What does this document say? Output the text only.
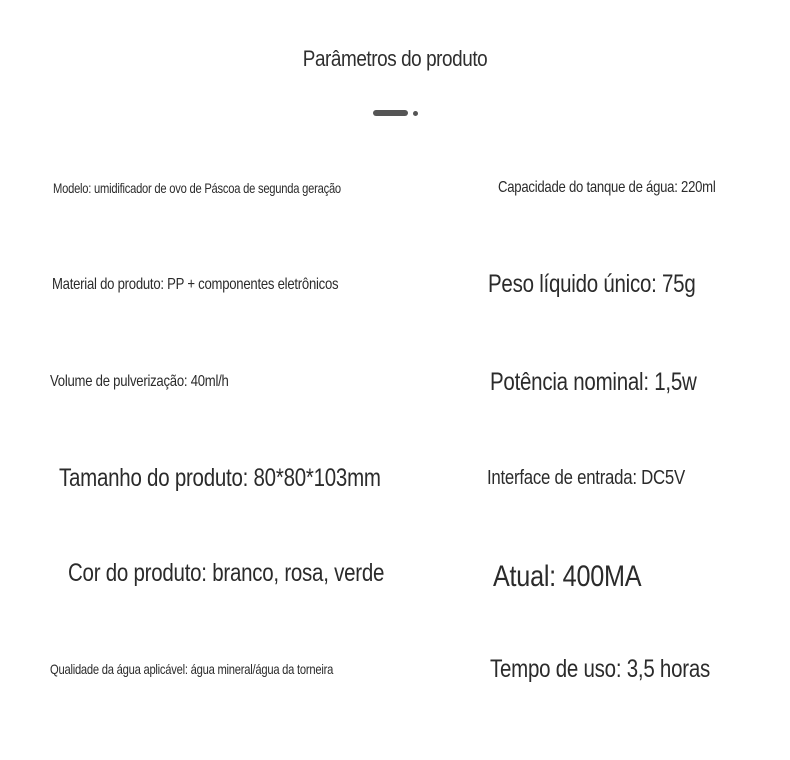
Parâmetros do produto
Modelo: umidificador de ovo de Páscoa de segunda geração	Capacidade do tanque de água: 220ml
Material do produto: PP + componentes eletrônicos	Peso líquido único: 75g
Volume de pulverização: 40ml/h	Potência nominal: 1,5w
Tamanho do produto: 80*80*103mm	Interface de entrada: DC5V
Cor do produto: branco, rosa, verde	Atual: 400MA
Qualidade da água aplicável: água mineral/água da torneira	Tempo de uso: 3,5 horas
